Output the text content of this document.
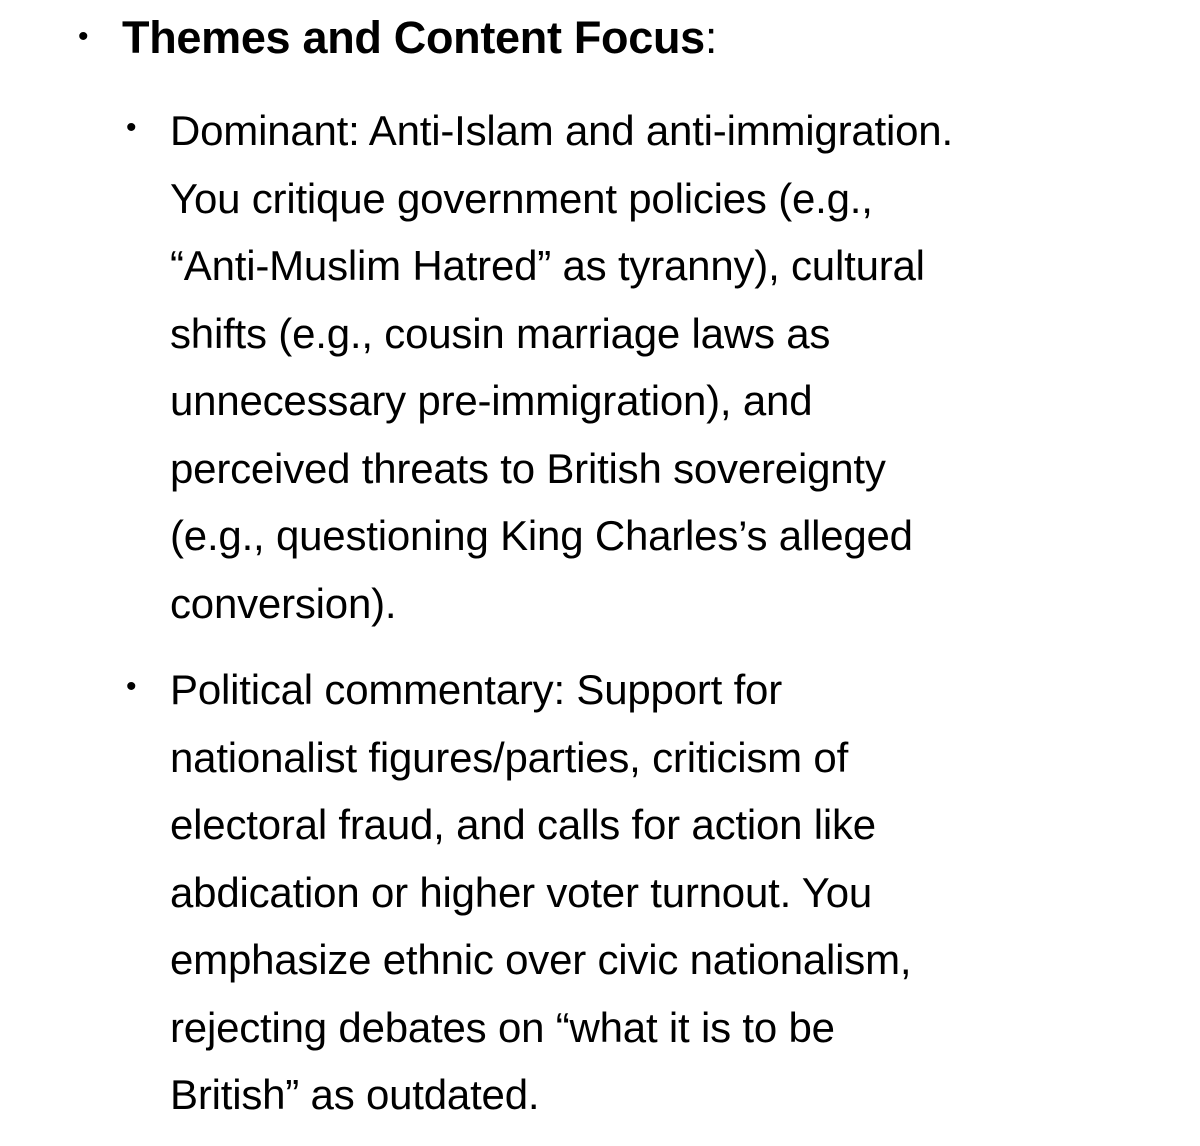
• Themes and Content Focus:
• Dominant: Anti-Islam and anti-immigration.
You critique government policies (e.g.,
“Anti-Muslim Hatred” as tyranny), cultural
shifts (e.g., cousin marriage laws as
unnecessary pre-immigration), and
perceived threats to British sovereignty
(e.g., questioning King Charles’s alleged
conversion).
• Political commentary: Support for
nationalist figures/parties, criticism of
electoral fraud, and calls for action like
abdication or higher voter turnout. You
emphasize ethnic over civic nationalism,
rejecting debates on “what it is to be
British” as outdated.
